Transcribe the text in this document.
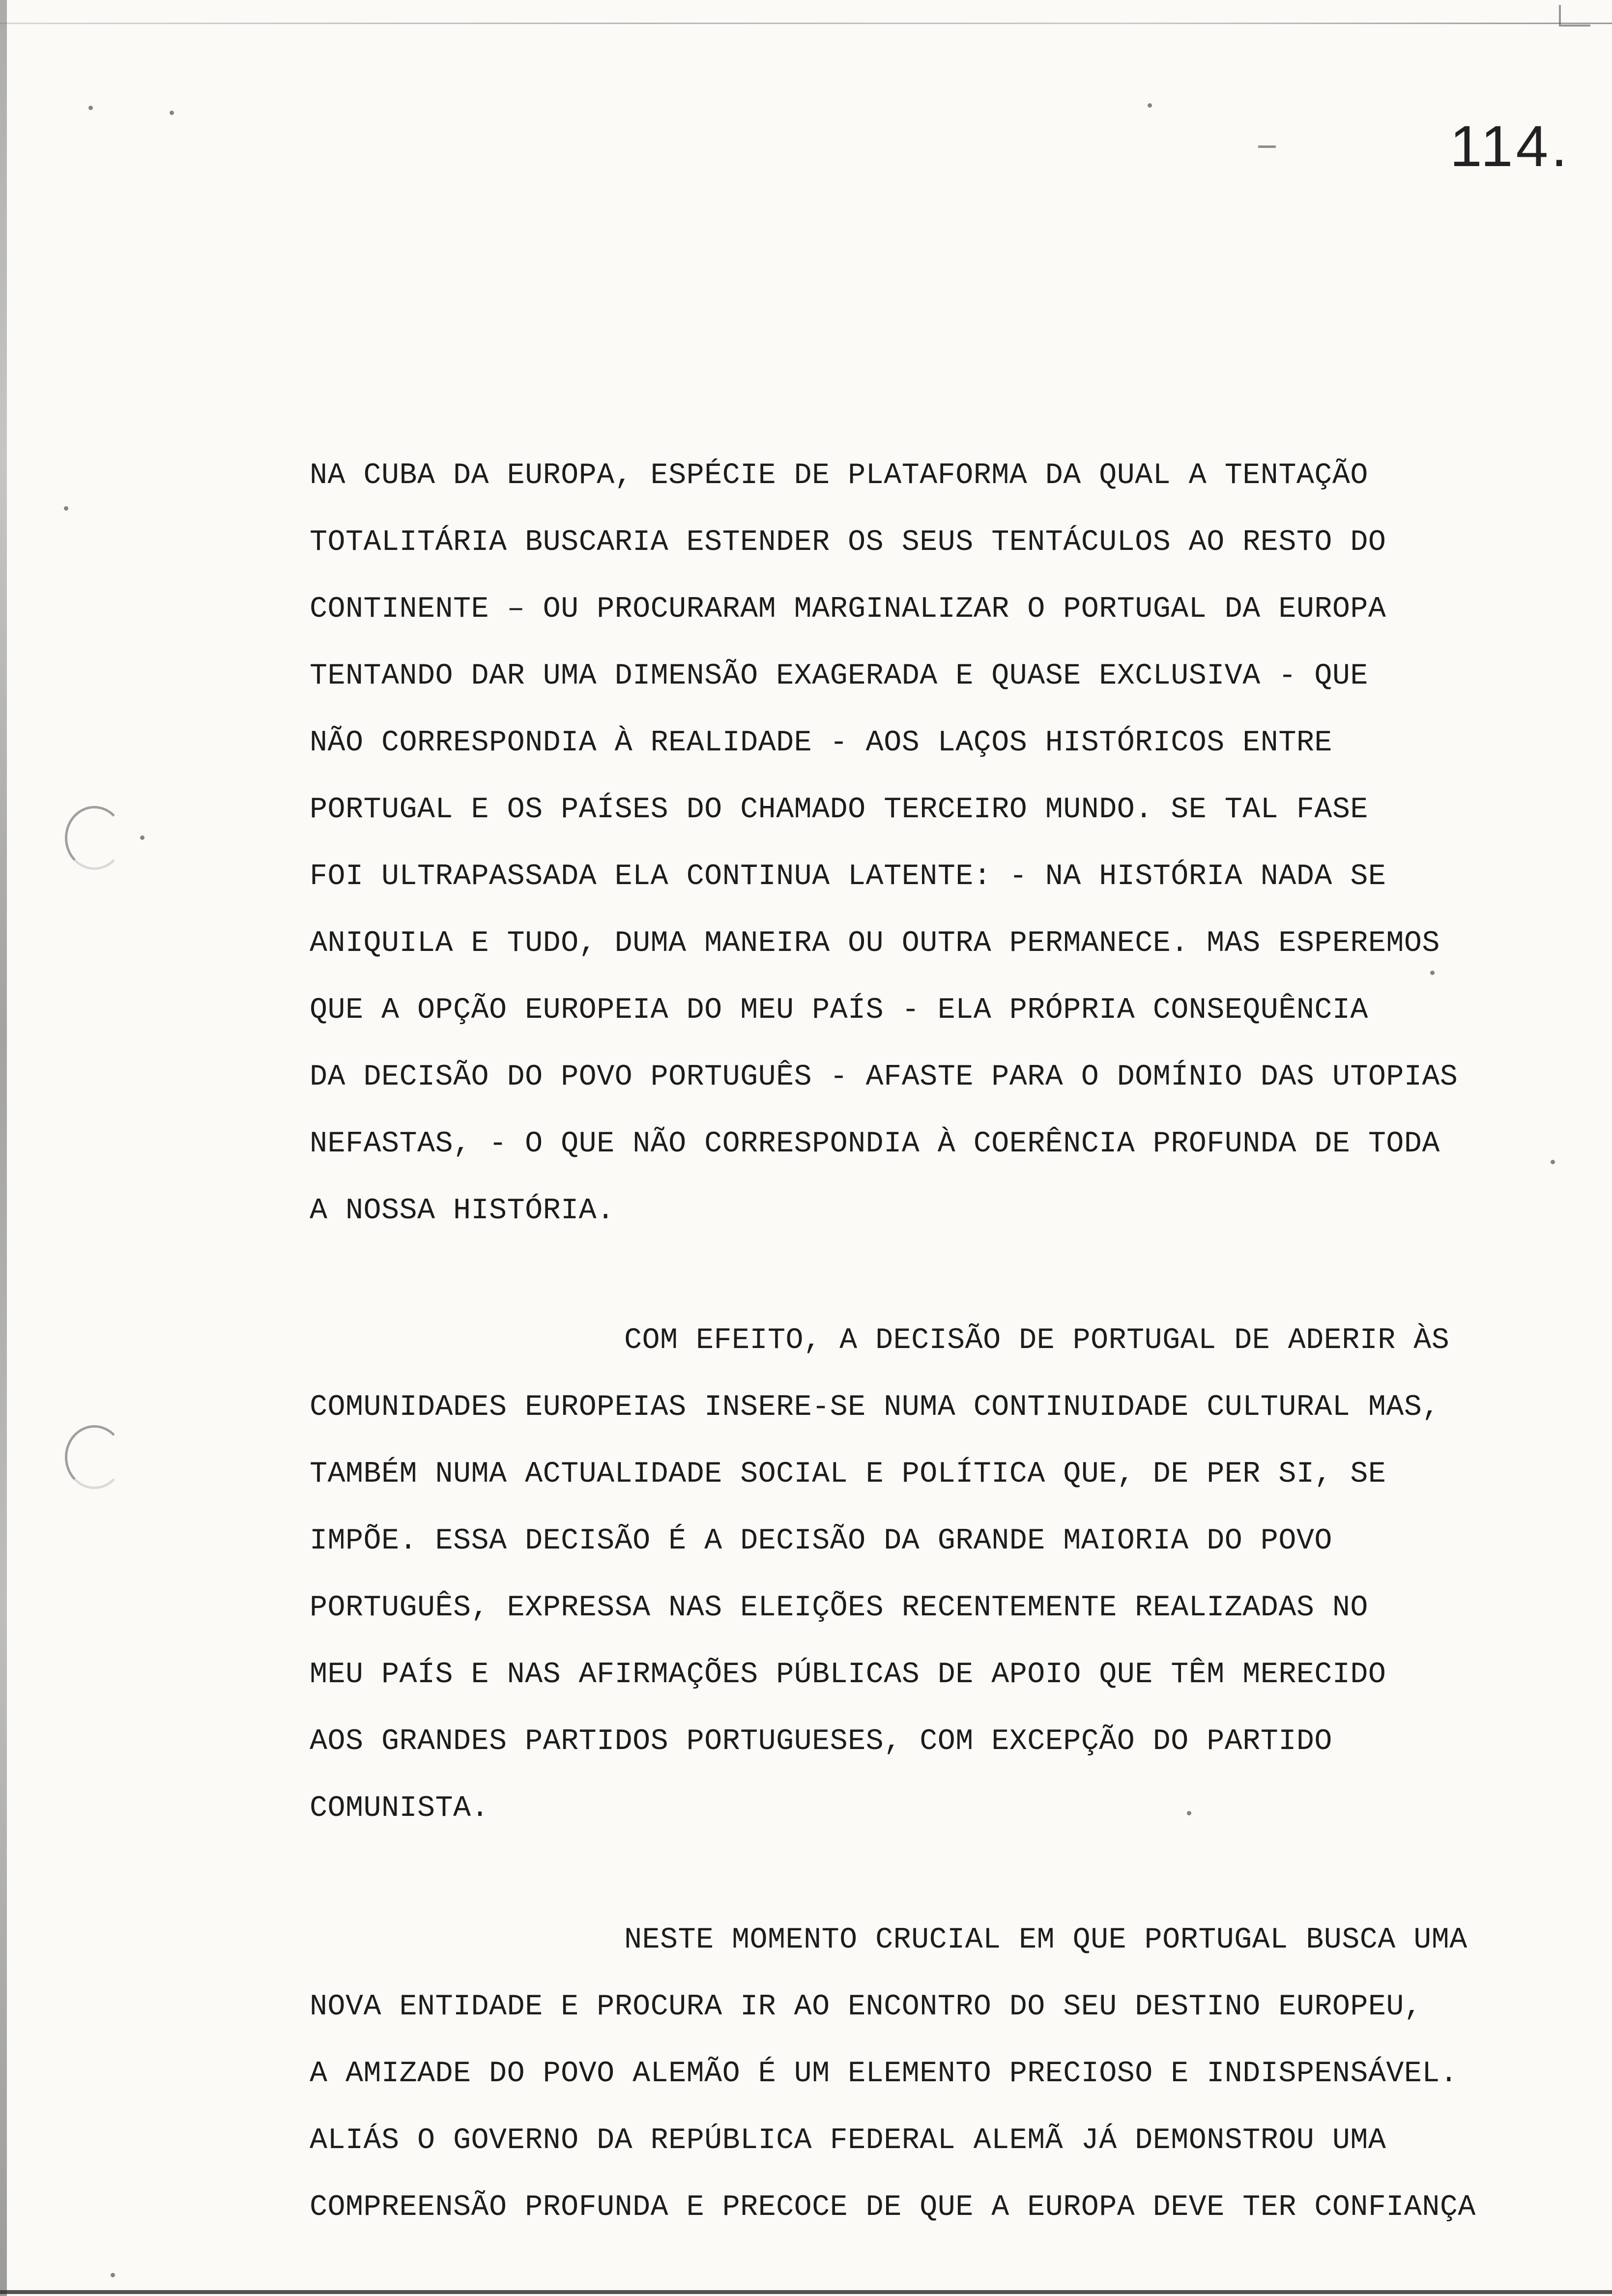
114.
NA CUBA DA EUROPA, ESPÉCIE DE PLATAFORMA DA QUAL A TENTAÇÃO
TOTALITÁRIA BUSCARIA ESTENDER OS SEUS TENTÁCULOS AO RESTO DO
CONTINENTE – OU PROCURARAM MARGINALIZAR O PORTUGAL DA EUROPA
TENTANDO DAR UMA DIMENSÃO EXAGERADA E QUASE EXCLUSIVA - QUE
NÃO CORRESPONDIA À REALIDADE - AOS LAÇOS HISTÓRICOS ENTRE
PORTUGAL E OS PAÍSES DO CHAMADO TERCEIRO MUNDO. SE TAL FASE
FOI ULTRAPASSADA ELA CONTINUA LATENTE: - NA HISTÓRIA NADA SE
ANIQUILA E TUDO, DUMA MANEIRA OU OUTRA PERMANECE. MAS ESPEREMOS
QUE A OPÇÃO EUROPEIA DO MEU PAÍS - ELA PRÓPRIA CONSEQUÊNCIA
DA DECISÃO DO POVO PORTUGUÊS - AFASTE PARA O DOMÍNIO DAS UTOPIAS
NEFASTAS, - O QUE NÃO CORRESPONDIA À COERÊNCIA PROFUNDA DE TODA
A NOSSA HISTÓRIA.
COM EFEITO, A DECISÃO DE PORTUGAL DE ADERIR ÀS
COMUNIDADES EUROPEIAS INSERE-SE NUMA CONTINUIDADE CULTURAL MAS,
TAMBÉM NUMA ACTUALIDADE SOCIAL E POLÍTICA QUE, DE PER SI, SE
IMPÕE. ESSA DECISÃO É A DECISÃO DA GRANDE MAIORIA DO POVO
PORTUGUÊS, EXPRESSA NAS ELEIÇÕES RECENTEMENTE REALIZADAS NO
MEU PAÍS E NAS AFIRMAÇÕES PÚBLICAS DE APOIO QUE TÊM MERECIDO
AOS GRANDES PARTIDOS PORTUGUESES, COM EXCEPÇÃO DO PARTIDO
COMUNISTA.
NESTE MOMENTO CRUCIAL EM QUE PORTUGAL BUSCA UMA
NOVA ENTIDADE E PROCURA IR AO ENCONTRO DO SEU DESTINO EUROPEU,
A AMIZADE DO POVO ALEMÃO É UM ELEMENTO PRECIOSO E INDISPENSÁVEL.
ALIÁS O GOVERNO DA REPÚBLICA FEDERAL ALEMÃ JÁ DEMONSTROU UMA
COMPREENSÃO PROFUNDA E PRECOCE DE QUE A EUROPA DEVE TER CONFIANÇA
